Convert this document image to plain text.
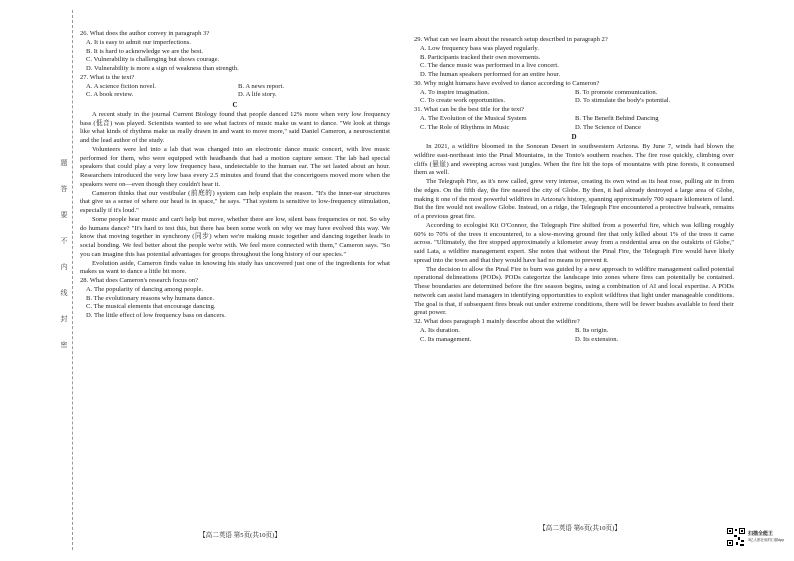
题
答
要
不
内
线
封
密

26. What does the author convey in paragraph 3?

A. It is easy to admit our imperfections.

B. It is hard to acknowledge we are the best.

C. Vulnerability is challenging but shows courage.

D. Vulnerability is more a sign of weakness than strength.

27. What is the text?

A. A science fiction novel.	B. A news report.
C. A book review.	D. A life story.

C

A recent study in the journal Current Biology found that people danced 12% more when very low frequency bass (低音) was played. Scientists wanted to see what factors of music make us want to dance. "We look at things like what kinds of rhythms make us really drawn in and want to move more," said Daniel Cameron, a neuroscientist and the lead author of the study.

Volunteers were led into a lab that was changed into an electronic dance music concert, with live music performed for them, who were equipped with headbands that had a motion capture sensor. The lab had special speakers that could play a very low frequency bass, undetectable to the human ear. The set lasted about an hour. Researchers introduced the very low bass every 2.5 minutes and found that the concertgoers moved more when the speakers were on—even though they couldn't hear it.

Cameron thinks that our vestibular (前庭的) system can help explain the reason. "It's the inner-ear structures that give us a sense of where our head is in space," he says. "That system is sensitive to low-frequency stimulation, especially if it's loud."

Some people hear music and can't help but move, whether there are low, silent bass frequencies or not. So why do humans dance? "It's hard to test this, but there has been some work on why we may have evolved this way. We know that moving together in synchrony (同步) when we're making music together and dancing together leads to social bonding. We feel better about the people we're with. We feel more connected with them," Cameron says. "So you can imagine this has potential advantages for groups throughout the long history of our species."

Evolution aside, Cameron finds value in knowing his study has uncovered just one of the ingredients for what makes us want to dance a little bit more.

28. What does Cameron's research focus on?

A. The popularity of dancing among people.

B. The evolutionary reasons why humans dance.

C. The musical elements that encourage dancing.

D. The little effect of low frequency bass on dancers.

【高二英语 第5页(共10页)】

29. What can we learn about the research setup described in paragraph 2?

A. Low frequency bass was played regularly.

B. Participants tracked their own movements.

C. The dance music was performed in a live concert.

D. The human speakers performed for an entire hour.

30. Why might humans have evolved to dance according to Cameron?

A. To inspire imagination.	B. To promote communication.
C. To create work opportunities.	D. To stimulate the body's potential.

31. What can be the best title for the text?

A. The Evolution of the Musical System	B. The Benefit Behind Dancing
C. The Role of Rhythms in Music	D. The Science of Dance

D

In 2021, a wildfire bloomed in the Sonoran Desert in southwestern Arizona. By June 7, winds had blown the wildfire east-northeast into the Pinal Mountains, in the Tonto's southern reaches. The fire rose quickly, climbing over cliffs (悬崖) and sweeping across vast jungles. When the fire hit the tops of mountains with pine forests, it consumed them as well.

The Telegraph Fire, as it's now called, grew very intense, creating its own wind as its heat rose, pulling air in from the edges. On the fifth day, the fire neared the city of Globe. By then, it had already destroyed a large area of Globe, making it one of the most powerful wildfires in Arizona's history, spanning approximately 700 square kilometers of land. But the fire would not swallow Globe. Instead, on a ridge, the Telegraph Fire encountered a protective bulwark, remains of a previous great fire.

According to ecologist Kit O'Connor, the Telegraph Fire shifted from a powerful fire, which was killing roughly 60% to 70% of the trees it encountered, to a slow-moving ground fire that only killed about 1% of the trees it came across. "Ultimately, the fire stopped approximately a kilometer away from a residential area on the outskirts of Globe," said Lata, a wildfire management expert. She notes that without the Pinal Fire, the Telegraph Fire would have likely spread into the town and that they would have had no means to prevent it.

The decision to allow the Pinal Fire to burn was guided by a new approach to wildfire management called potential operational delineations (PODs). PODs categorize the landscape into zones where fires can potentially be contained. These boundaries are determined before the fire season begins, using a combination of AI and local expertise. A PODs network can assist land managers in identifying opportunities to exploit wildfires that light under manageable conditions. The goal is that, if subsequent fires break out under extreme conditions, there will be fewer bushes available to feed their great power.

32. What does paragraph 1 mainly describe about the wildfire?

A. Its duration.	B. Its origin.
C. Its management.	D. Its extension.
【高二英语 第6页(共10页)】
扫描全能王
3亿人都在用的扫描App
